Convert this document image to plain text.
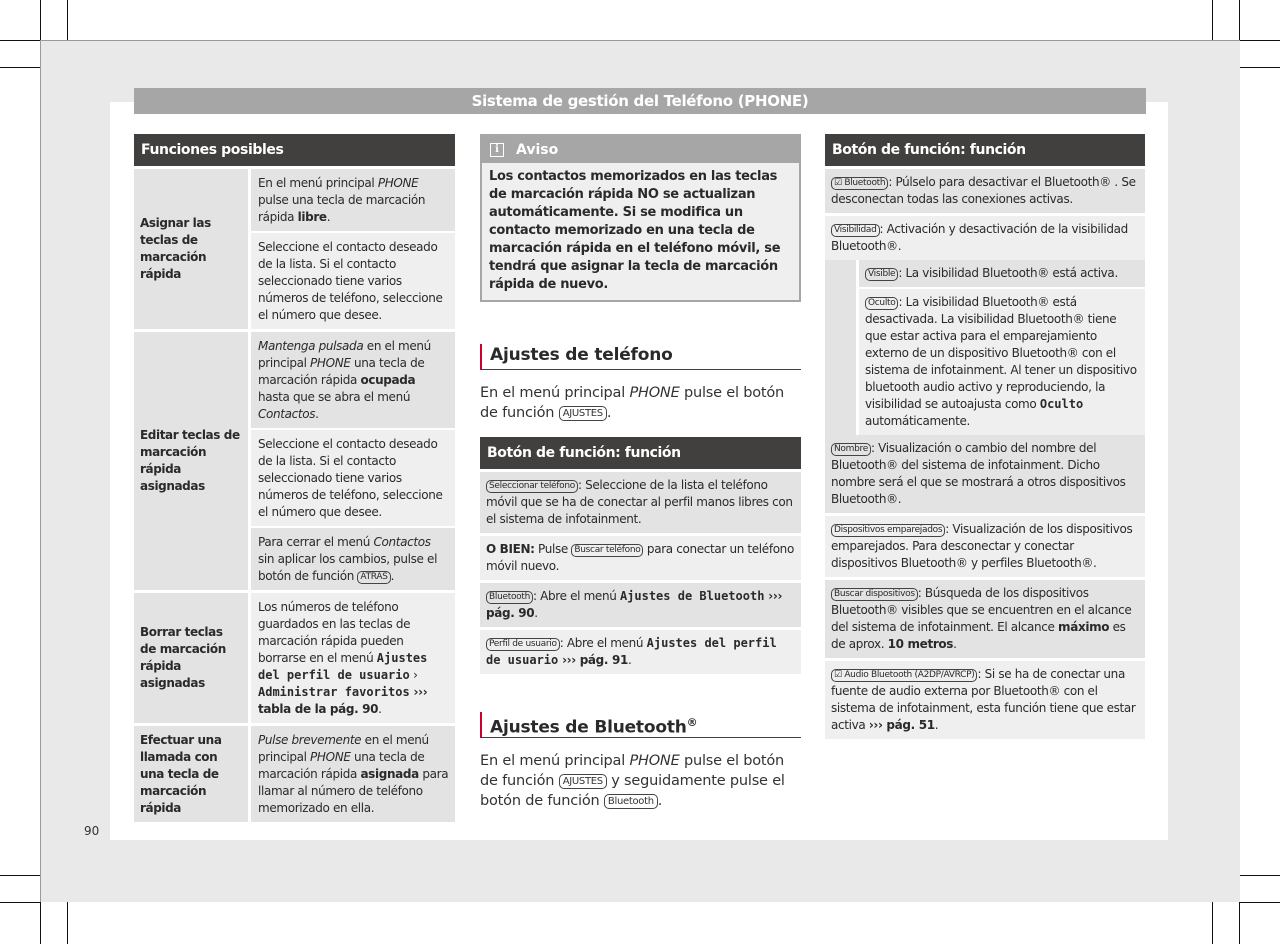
Sistema de gestión del Teléfono (PHONE)
Funciones posibles
Asignar las teclas de marcación rápida
En el menú principal PHONE pulse una tecla de marcación rápida libre.
Seleccione el contacto deseado de la lista. Si el contacto seleccionado tiene varios números de teléfono, seleccione el número que desee.
Editar teclas de marcación rápida asignadas
Mantenga pulsada en el menú principal PHONE una tecla de marcación rápida ocupada hasta que se abra el menú Contactos.
Seleccione el contacto deseado de la lista. Si el contacto seleccionado tiene varios números de teléfono, seleccione el número que desee.
Para cerrar el menú Contactos sin aplicar los cambios, pulse el botón de función ATRAS .
Borrar teclas de marcación rápida asignadas
Los números de teléfono guardados en las teclas de marcación rápida pueden borrarse en el menú Ajustes del perfil de usuario › Administrar favoritos ››› tabla de la pág. 90.
Efectuar una llamada con una tecla de marcación rápida
Pulse brevemente en el menú principal PHONE una tecla de marcación rápida asignada para llamar al número de teléfono memorizado en ella.
i	Aviso
Los contactos memorizados en las teclas de marcación rápida NO se actualizan automáticamente. Si se modifica un contacto memorizado en una tecla de marcación rápida en el teléfono móvil, se tendrá que asignar la tecla de marcación rápida de nuevo.
Ajustes de teléfono
En el menú principal PHONE pulse el botón de función AJUSTES .
Botón de función: función
Seleccionar teléfono : Seleccione de la lista el teléfono móvil que se ha de conectar al perfil manos libres con el sistema de infotainment.
O BIEN: Pulse Buscar teléfono para conectar un teléfono móvil nuevo.
Bluetooth : Abre el menú Ajustes de Bluetooth ››› pág. 90.
Perfil de usuario : Abre el menú Ajustes del perfil de usuario ››› pág. 91.
Ajustes de Bluetooth®
En el menú principal PHONE pulse el botón de función AJUSTES y seguidamente pulse el botón de función Bluetooth .
Botón de función: función
☑ Bluetooth : Púlselo para desactivar el Bluetooth® . Se desconectan todas las conexiones activas.
Visibilidad : Activación y desactivación de la visibilidad Bluetooth®.
Visible : La visibilidad Bluetooth® está activa.
Oculto : La visibilidad Bluetooth® está desactivada. La visibilidad Bluetooth® tiene que estar activa para el emparejamiento externo de un dispositivo Bluetooth® con el sistema de infotainment. Al tener un dispositivo bluetooth audio activo y reproduciendo, la visibilidad se autoajusta como Oculto automáticamente.
Nombre : Visualización o cambio del nombre del Bluetooth® del sistema de infotainment. Dicho nombre será el que se mostrará a otros dispositivos Bluetooth®.
Dispositivos emparejados : Visualización de los dispositivos emparejados. Para desconectar y conectar dispositivos Bluetooth® y perfiles Bluetooth®.
Buscar dispositivos : Búsqueda de los dispositivos Bluetooth® visibles que se encuentren en el alcance del sistema de infotainment. El alcance máximo es de aprox. 10 metros.
☑ Audio Bluetooth (A2DP/AVRCP) : Si se ha de conectar una fuente de audio externa por Bluetooth® con el sistema de infotainment, esta función tiene que estar activa ››› pág. 51.
90
